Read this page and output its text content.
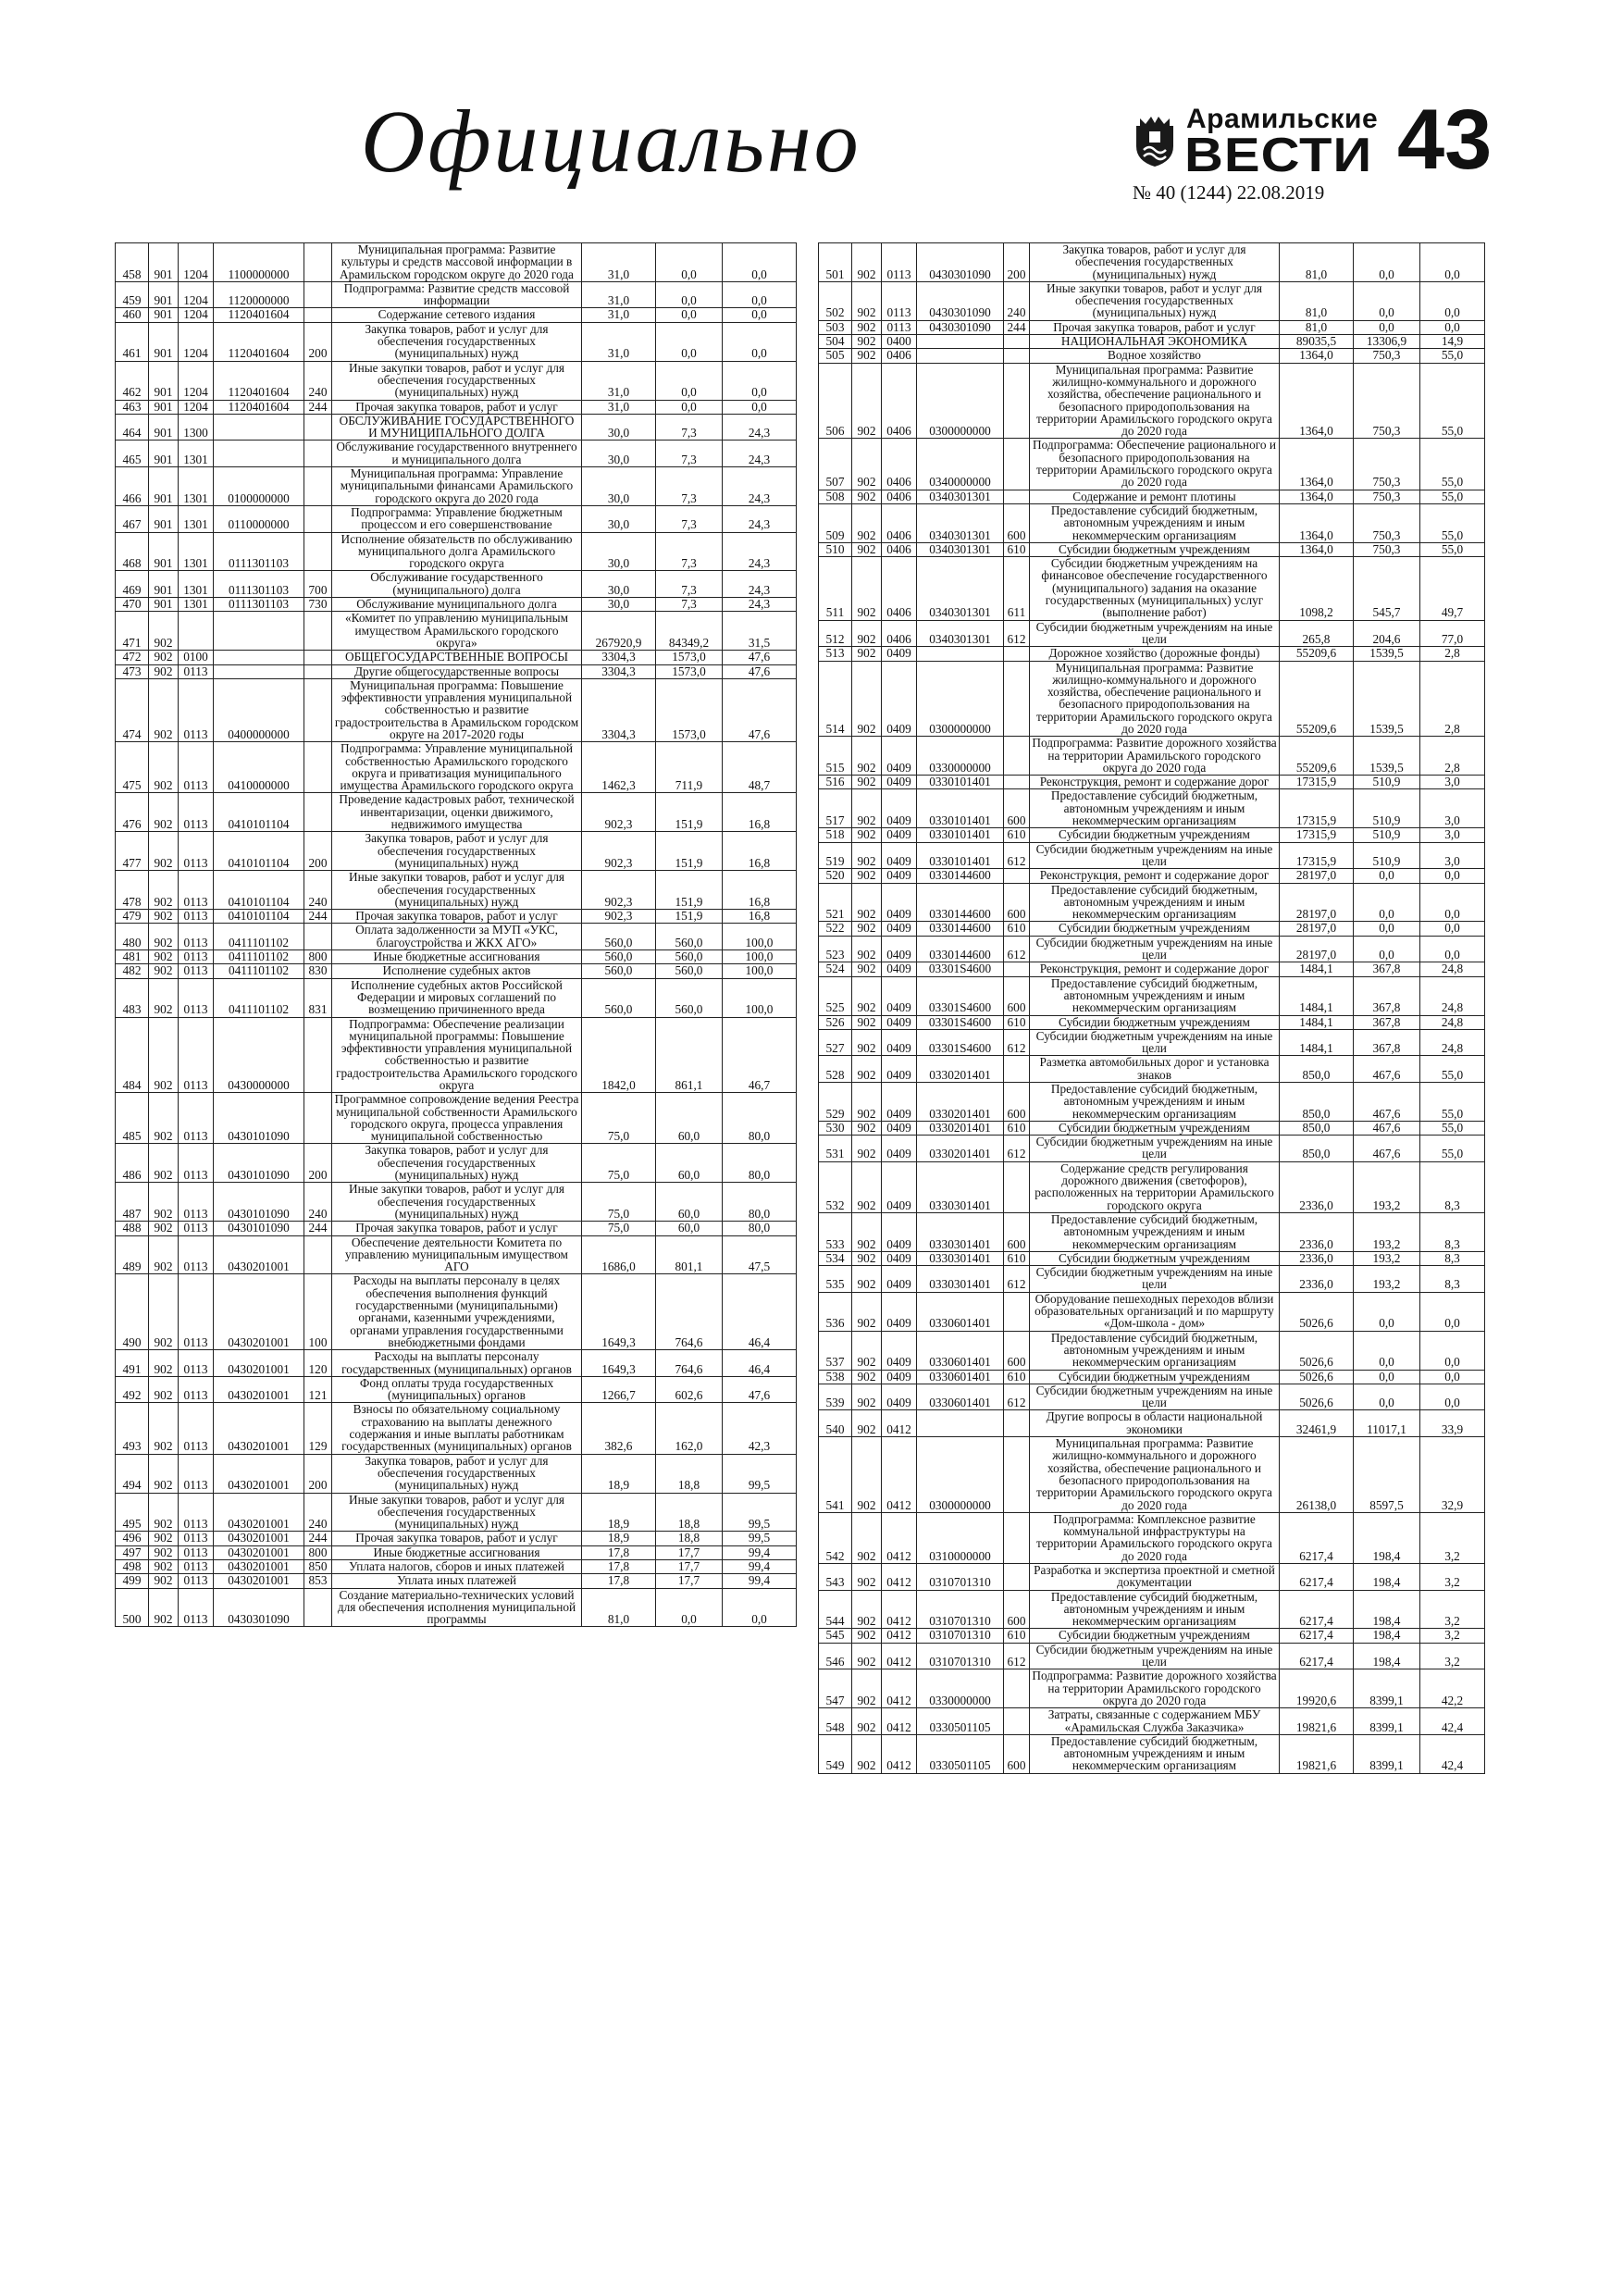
Официально	Арамильские
ВЕСТИ
№ 40 (1244) 22.08.2019
43
458	901	1204	1100000000		Муниципальная программа: Развитие культуры и средств массовой информации в Арамильском городском округе до 2020 года	31,0	0,0	0,0
459	901	1204	1120000000		Подпрограмма: Развитие средств массовой информации	31,0	0,0	0,0
460	901	1204	1120401604		Содержание сетевого издания	31,0	0,0	0,0
461	901	1204	1120401604	200	Закупка товаров, работ и услуг для обеспечения государственных (муниципальных) нужд	31,0	0,0	0,0
462	901	1204	1120401604	240	Иные закупки товаров, работ и услуг для обеспечения государственных (муниципальных) нужд	31,0	0,0	0,0
463	901	1204	1120401604	244	Прочая закупка товаров, работ и услуг	31,0	0,0	0,0
464	901	1300			ОБСЛУЖИВАНИЕ ГОСУДАРСТВЕННОГО И МУНИЦИПАЛЬНОГО ДОЛГА	30,0	7,3	24,3
465	901	1301			Обслуживание государственного внутреннего и муниципального долга	30,0	7,3	24,3
466	901	1301	0100000000		Муниципальная программа: Управление муниципальными финансами Арамильского городского округа до 2020 года	30,0	7,3	24,3
467	901	1301	0110000000		Подпрограмма: Управление бюджетным процессом и его совершенствование	30,0	7,3	24,3
468	901	1301	0111301103		Исполнение обязательств по обслуживанию муниципального долга Арамильского городского округа	30,0	7,3	24,3
469	901	1301	0111301103	700	Обслуживание государственного (муниципального) долга	30,0	7,3	24,3
470	901	1301	0111301103	730	Обслуживание муниципального долга	30,0	7,3	24,3
471	902				«Комитет по управлению муниципальным имуществом Арамильского городского округа»	267920,9	84349,2	31,5
472	902	0100			ОБЩЕГОСУДАРСТВЕННЫЕ ВОПРОСЫ	3304,3	1573,0	47,6
473	902	0113			Другие общегосударственные вопросы	3304,3	1573,0	47,6
474	902	0113	0400000000		Муниципальная программа: Повышение эффективности управления муниципальной собственностью и развитие градостроительства в Арамильском городском округе на 2017-2020 годы	3304,3	1573,0	47,6
475	902	0113	0410000000		Подпрограмма: Управление муниципальной собственностью Арамильского городского округа и приватизация муниципального имущества Арамильского городского округа	1462,3	711,9	48,7
476	902	0113	0410101104		Проведение кадастровых работ, технической инвентаризации, оценки движимого, недвижимого имущества	902,3	151,9	16,8
477	902	0113	0410101104	200	Закупка товаров, работ и услуг для обеспечения государственных (муниципальных) нужд	902,3	151,9	16,8
478	902	0113	0410101104	240	Иные закупки товаров, работ и услуг для обеспечения государственных (муниципальных) нужд	902,3	151,9	16,8
479	902	0113	0410101104	244	Прочая закупка товаров, работ и услуг	902,3	151,9	16,8
480	902	0113	0411101102		Оплата задолженности за МУП «УКС, благоустройства и ЖКХ АГО»	560,0	560,0	100,0
481	902	0113	0411101102	800	Иные бюджетные ассигнования	560,0	560,0	100,0
482	902	0113	0411101102	830	Исполнение судебных актов	560,0	560,0	100,0
483	902	0113	0411101102	831	Исполнение судебных актов Российской Федерации и мировых соглашений по возмещению причиненного вреда	560,0	560,0	100,0
484	902	0113	0430000000		Подпрограмма: Обеспечение реализации муниципальной программы: Повышение эффективности управления муниципальной собственностью и развитие градостроительства Арамильского городского округа	1842,0	861,1	46,7
485	902	0113	0430101090		Программное сопровождение ведения Реестра муниципальной собственности Арамильского городского округа, процесса управления муниципальной собственностью	75,0	60,0	80,0
486	902	0113	0430101090	200	Закупка товаров, работ и услуг для обеспечения государственных (муниципальных) нужд	75,0	60,0	80,0
487	902	0113	0430101090	240	Иные закупки товаров, работ и услуг для обеспечения государственных (муниципальных) нужд	75,0	60,0	80,0
488	902	0113	0430101090	244	Прочая закупка товаров, работ и услуг	75,0	60,0	80,0
489	902	0113	0430201001		Обеспечение деятельности Комитета по управлению муниципальным имуществом АГО	1686,0	801,1	47,5
490	902	0113	0430201001	100	Расходы на выплаты персоналу в целях обеспечения выполнения функций государственными (муниципальными) органами, казенными учреждениями, органами управления государственными внебюджетными фондами	1649,3	764,6	46,4
491	902	0113	0430201001	120	Расходы на выплаты персоналу государственных (муниципальных) органов	1649,3	764,6	46,4
492	902	0113	0430201001	121	Фонд оплаты труда государственных (муниципальных) органов	1266,7	602,6	47,6
493	902	0113	0430201001	129	Взносы по обязательному социальному страхованию на выплаты денежного содержания и иные выплаты работникам государственных (муниципальных) органов	382,6	162,0	42,3
494	902	0113	0430201001	200	Закупка товаров, работ и услуг для обеспечения государственных (муниципальных) нужд	18,9	18,8	99,5
495	902	0113	0430201001	240	Иные закупки товаров, работ и услуг для обеспечения государственных (муниципальных) нужд	18,9	18,8	99,5
496	902	0113	0430201001	244	Прочая закупка товаров, работ и услуг	18,9	18,8	99,5
497	902	0113	0430201001	800	Иные бюджетные ассигнования	17,8	17,7	99,4
498	902	0113	0430201001	850	Уплата налогов, сборов и иных платежей	17,8	17,7	99,4
499	902	0113	0430201001	853	Уплата иных платежей	17,8	17,7	99,4
500	902	0113	0430301090		Создание материально-технических условий для обеспечения исполнения муниципальной программы	81,0	0,0	0,0
501	902	0113	0430301090	200	Закупка товаров, работ и услуг для обеспечения государственных (муниципальных) нужд	81,0	0,0	0,0
502	902	0113	0430301090	240	Иные закупки товаров, работ и услуг для обеспечения государственных (муниципальных) нужд	81,0	0,0	0,0
503	902	0113	0430301090	244	Прочая закупка товаров, работ и услуг	81,0	0,0	0,0
504	902	0400			НАЦИОНАЛЬНАЯ ЭКОНОМИКА	89035,5	13306,9	14,9
505	902	0406			Водное хозяйство	1364,0	750,3	55,0
506	902	0406	0300000000		Муниципальная программа: Развитие жилищно-коммунального и дорожного хозяйства, обеспечение рационального и безопасного природопользования на территории Арамильского городского округа до 2020 года	1364,0	750,3	55,0
507	902	0406	0340000000		Подпрограмма: Обеспечение рационального и безопасного природопользования на территории Арамильского городского округа до 2020 года	1364,0	750,3	55,0
508	902	0406	0340301301		Содержание и ремонт плотины	1364,0	750,3	55,0
509	902	0406	0340301301	600	Предоставление субсидий бюджетным, автономным учреждениям и иным некоммерческим организациям	1364,0	750,3	55,0
510	902	0406	0340301301	610	Субсидии бюджетным учреждениям	1364,0	750,3	55,0
511	902	0406	0340301301	611	Субсидии бюджетным учреждениям на финансовое обеспечение государственного (муниципального) задания на оказание государственных (муниципальных) услуг (выполнение работ)	1098,2	545,7	49,7
512	902	0406	0340301301	612	Субсидии бюджетным учреждениям на иные цели	265,8	204,6	77,0
513	902	0409			Дорожное хозяйство (дорожные фонды)	55209,6	1539,5	2,8
514	902	0409	0300000000		Муниципальная программа: Развитие жилищно-коммунального и дорожного хозяйства, обеспечение рационального и безопасного природопользования на территории Арамильского городского округа до 2020 года	55209,6	1539,5	2,8
515	902	0409	0330000000		Подпрограмма: Развитие дорожного хозяйства на территории Арамильского городского округа до 2020 года	55209,6	1539,5	2,8
516	902	0409	0330101401		Реконструкция, ремонт и содержание дорог	17315,9	510,9	3,0
517	902	0409	0330101401	600	Предоставление субсидий бюджетным, автономным учреждениям и иным некоммерческим организациям	17315,9	510,9	3,0
518	902	0409	0330101401	610	Субсидии бюджетным учреждениям	17315,9	510,9	3,0
519	902	0409	0330101401	612	Субсидии бюджетным учреждениям на иные цели	17315,9	510,9	3,0
520	902	0409	0330144600		Реконструкция, ремонт и содержание дорог	28197,0	0,0	0,0
521	902	0409	0330144600	600	Предоставление субсидий бюджетным, автономным учреждениям и иным некоммерческим организациям	28197,0	0,0	0,0
522	902	0409	0330144600	610	Субсидии бюджетным учреждениям	28197,0	0,0	0,0
523	902	0409	0330144600	612	Субсидии бюджетным учреждениям на иные цели	28197,0	0,0	0,0
524	902	0409	03301S4600		Реконструкция, ремонт и содержание дорог	1484,1	367,8	24,8
525	902	0409	03301S4600	600	Предоставление субсидий бюджетным, автономным учреждениям и иным некоммерческим организациям	1484,1	367,8	24,8
526	902	0409	03301S4600	610	Субсидии бюджетным учреждениям	1484,1	367,8	24,8
527	902	0409	03301S4600	612	Субсидии бюджетным учреждениям на иные цели	1484,1	367,8	24,8
528	902	0409	0330201401		Разметка автомобильных дорог и установка знаков	850,0	467,6	55,0
529	902	0409	0330201401	600	Предоставление субсидий бюджетным, автономным учреждениям и иным некоммерческим организациям	850,0	467,6	55,0
530	902	0409	0330201401	610	Субсидии бюджетным учреждениям	850,0	467,6	55,0
531	902	0409	0330201401	612	Субсидии бюджетным учреждениям на иные цели	850,0	467,6	55,0
532	902	0409	0330301401		Содержание средств регулирования дорожного движения (светофоров), расположенных на территории Арамильского городского округа	2336,0	193,2	8,3
533	902	0409	0330301401	600	Предоставление субсидий бюджетным, автономным учреждениям и иным некоммерческим организациям	2336,0	193,2	8,3
534	902	0409	0330301401	610	Субсидии бюджетным учреждениям	2336,0	193,2	8,3
535	902	0409	0330301401	612	Субсидии бюджетным учреждениям на иные цели	2336,0	193,2	8,3
536	902	0409	0330601401		Оборудование пешеходных переходов вблизи образовательных организаций и по маршруту «Дом-школа - дом»	5026,6	0,0	0,0
537	902	0409	0330601401	600	Предоставление субсидий бюджетным, автономным учреждениям и иным некоммерческим организациям	5026,6	0,0	0,0
538	902	0409	0330601401	610	Субсидии бюджетным учреждениям	5026,6	0,0	0,0
539	902	0409	0330601401	612	Субсидии бюджетным учреждениям на иные цели	5026,6	0,0	0,0
540	902	0412			Другие вопросы в области национальной экономики	32461,9	11017,1	33,9
541	902	0412	0300000000		Муниципальная программа: Развитие жилищно-коммунального и дорожного хозяйства, обеспечение рационального и безопасного природопользования на территории Арамильского городского округа до 2020 года	26138,0	8597,5	32,9
542	902	0412	0310000000		Подпрограмма: Комплексное развитие коммунальной инфраструктуры на территории Арамильского городского округа до 2020 года	6217,4	198,4	3,2
543	902	0412	0310701310		Разработка и экспертиза проектной и сметной документации	6217,4	198,4	3,2
544	902	0412	0310701310	600	Предоставление субсидий бюджетным, автономным учреждениям и иным некоммерческим организациям	6217,4	198,4	3,2
545	902	0412	0310701310	610	Субсидии бюджетным учреждениям	6217,4	198,4	3,2
546	902	0412	0310701310	612	Субсидии бюджетным учреждениям на иные цели	6217,4	198,4	3,2
547	902	0412	0330000000		Подпрограмма: Развитие дорожного хозяйства на территории Арамильского городского округа до 2020 года	19920,6	8399,1	42,2
548	902	0412	0330501105		Затраты, связанные с содержанием МБУ «Арамильская Служба Заказчика»	19821,6	8399,1	42,4
549	902	0412	0330501105	600	Предоставление субсидий бюджетным, автономным учреждениям и иным некоммерческим организациям	19821,6	8399,1	42,4
